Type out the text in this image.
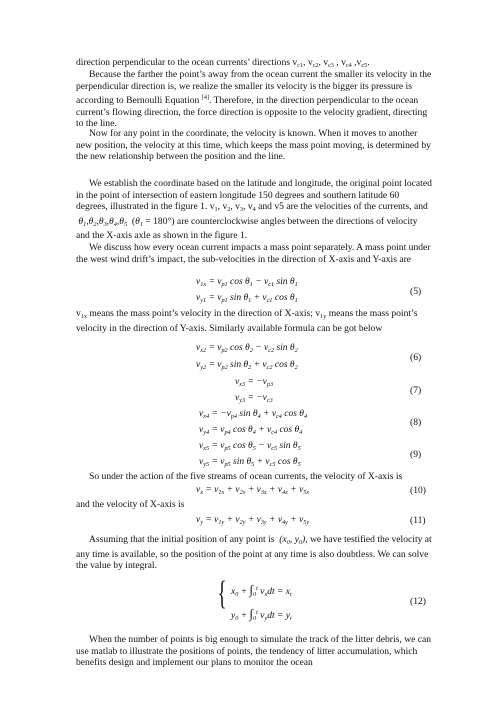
direction perpendicular to the ocean currents’ directions $v_{c1}$, $v_{c2}$, $v_{c3}$ , $v_{c4}$ $,v_{c5}$.
Because the farther the point’s away from the ocean current the smaller its velocity in the perpendicular direction is, we realize the smaller its velocity is the bigger its pressure is according to Bernoulli Equation [4]. Therefore, in the direction perpendicular to the ocean current’s flowing direction, the force direction is opposite to the velocity gradient, directing to the line.
Now for any point in the coordinate, the velocity is known. When it moves to another new position, the velocity at this time, which keeps the mass point moving, is determined by the new relationship between the position and the line.
We establish the coordinate based on the latitude and longitude, the original point located in the point of intersection of eastern longitude 150 degrees and southern latitude 60 degrees, illustrated in the figure 1. $v_1$, $v_2$, $v_3$, $v_4$ and v5 are the velocities of the currents, and  $\theta_1,\theta_2,\theta_3,\theta_4,\theta_5$  $(\theta_1 = 180^\circ)$ are counterclockwise angles between the directions of velocity and the X-axis axle as shown in the figure 1.
We discuss how every ocean current impacts a mass point separately. A mass point under the west wind drift’s impact, the sub-velocities in the direction of X-axis and Y-axis are
$v_{1x} = v_{p1}$ $\cos \theta_1 - v_{c1}$ $\sin \theta_1$
$v_{y1} = v_{p1}$ $\sin \theta_1 + v_{c1}$ $\cos \theta_1$
(5)
$v_{1x}$ means the mass point’s velocity in the direction of X-axis; $v_{1y}$ means the mass point’s velocity in the direction of Y-axis. Similarly available formula can be got below
$v_{x2} = v_{p2}$ $\cos \theta_2 - v_{c2}$ $\sin \theta_2$
$v_{y2} = v_{p2}$ $\sin \theta_2 + v_{c2}$ $\cos \theta_2$
(6)
$v_{x3} = -v_{p3}$
$v_{y3} = -v_{c3}$
(7)
$v_{x4} = -v_{p4}$ $\sin \theta_4 + v_{c4}$ $\cos \theta_4$
$v_{y4} = v_{p4}$ $\cos \theta_4 + v_{c4}$ $\cos \theta_4$
(8)
$v_{x5} = v_{p5}$ $\cos \theta_5 - v_{c5}$ $\sin \theta_5$
$v_{y5} = v_{p5}$ $\sin \theta_5 + v_{c5}$ $\cos \theta_5$
(9)
So under the action of the five streams of ocean currents, the velocity of X-axis is
$v_x = v_{1x} + v_{2x} + v_{3x} + v_{4x} + v_{5x}$	(10)
and the velocity of X-axis is
$v_y = v_{1y} + v_{2y} + v_{3y} + v_{4y} + v_{5y}$	(11)
Assuming that the initial position of any point is  ($x_0$, $y_0$), we have testified the velocity at any time is available, so the position of the point at any time is also doubtless. We can solve the value by integral.
{ $x_0 + \int_0^t$ $v_xdt = x_t$
$y_0 + \int_0^t$ $v_ydt = y_t$
(12)
When the number of points is big enough to simulate the track of the litter debris, we can use matlab to illustrate the positions of points, the tendency of litter accumulation, which benefits design and implement our plans to monitor the ocean
